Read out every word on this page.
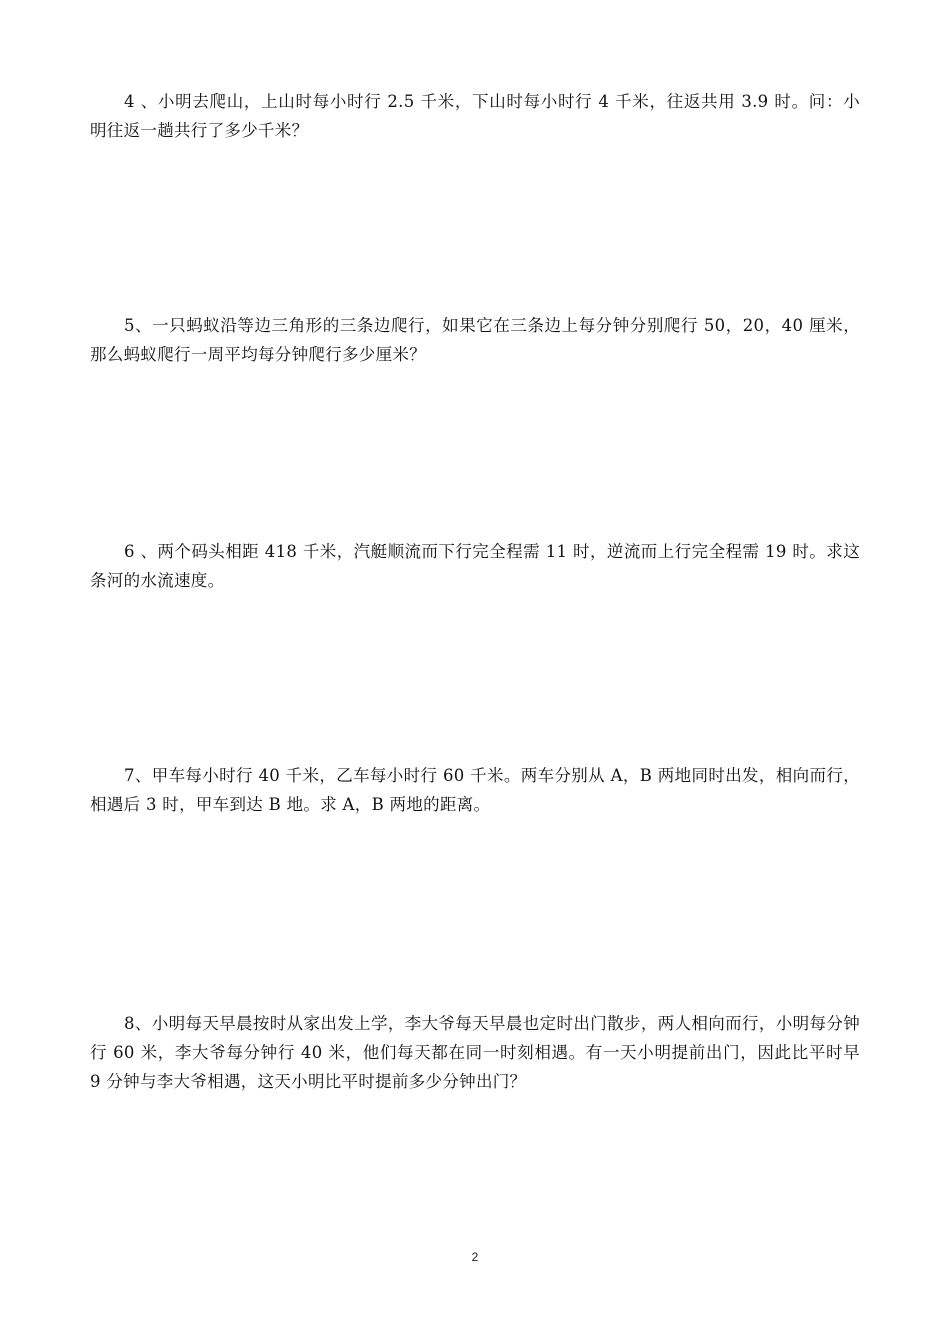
4 、小明去爬山，上山时每小时行 2.5 千米，下山时每小时行 4 千米，往返共用 3.9 时。问：小明往返一趟共行了多少千米？

5、一只蚂蚁沿等边三角形的三条边爬行，如果它在三条边上每分钟分别爬行 50，20，40 厘米，那么蚂蚁爬行一周平均每分钟爬行多少厘米？

6 、两个码头相距 418 千米，汽艇顺流而下行完全程需 11 时，逆流而上行完全程需 19 时。求这条河的水流速度。

7、甲车每小时行 40 千米，乙车每小时行 60 千米。两车分别从 A，B 两地同时出发，相向而行，相遇后 3 时，甲车到达 B 地。求 A，B 两地的距离。

8、小明每天早晨按时从家出发上学，李大爷每天早晨也定时出门散步，两人相向而行，小明每分钟行 60 米，李大爷每分钟行 40 米，他们每天都在同一时刻相遇。有一天小明提前出门，因此比平时早 9 分钟与李大爷相遇，这天小明比平时提前多少分钟出门？

2
